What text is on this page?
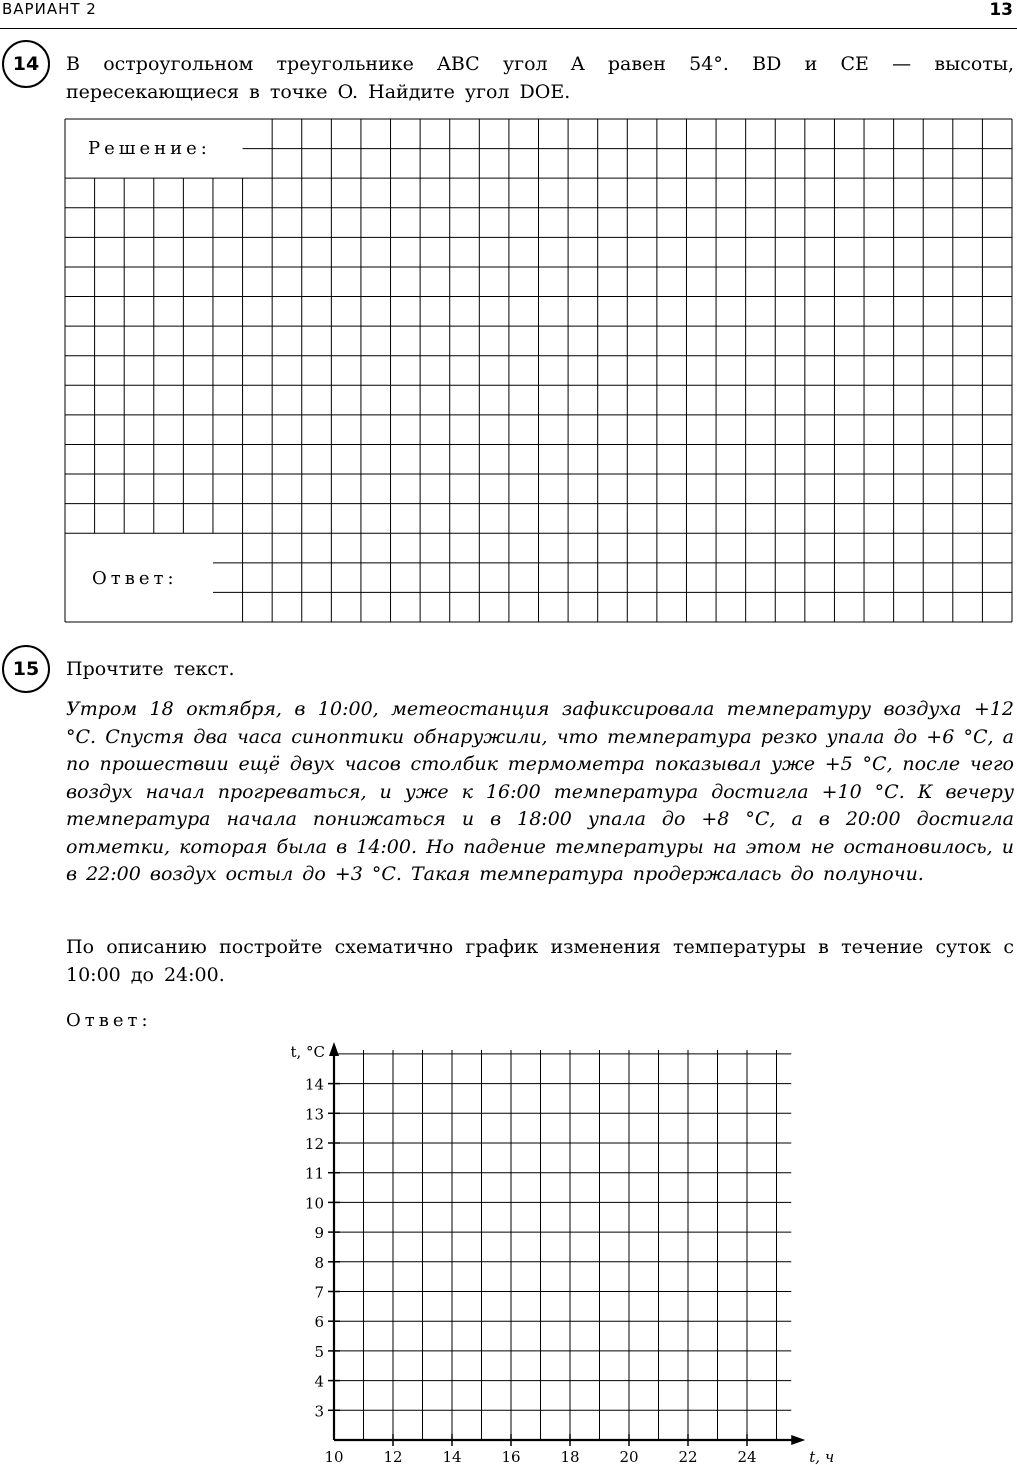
ВАРИАНТ 2	13
14	В остроугольном треугольнике ABC угол A равен 54°. BD и CE — высоты, пересекающиеся в точке O. Найдите угол DOE.
Решение:
Ответ:
15	Прочтите текст.
Утром 18 октября, в 10:00, метеостанция зафиксировала температуру воздуха +12 °С. Спустя два часа синоптики обнаружили, что температура резко упала до +6 °С, а по прошествии ещё двух часов столбик термометра показывал уже +5 °С, после чего воздух начал прогреваться, и уже к 16:00 температура достигла +10 °С. К вечеру температура начала понижаться и в 18:00 упала до +8 °С, а в 20:00 достигла отметки, которая была в 14:00. Но падение температуры на этом не остановилось, и в 22:00 воздух остыл до +3 °С. Такая температура продержалась до полуночи.
По описанию постройте схематично график изменения температуры в течение суток с 10:00 до 24:00.
Ответ:
3
4
5
6
7
8
9
10
11
12
13
14
10	12	14	16	18	20	22	24
t, °C
t, ч
